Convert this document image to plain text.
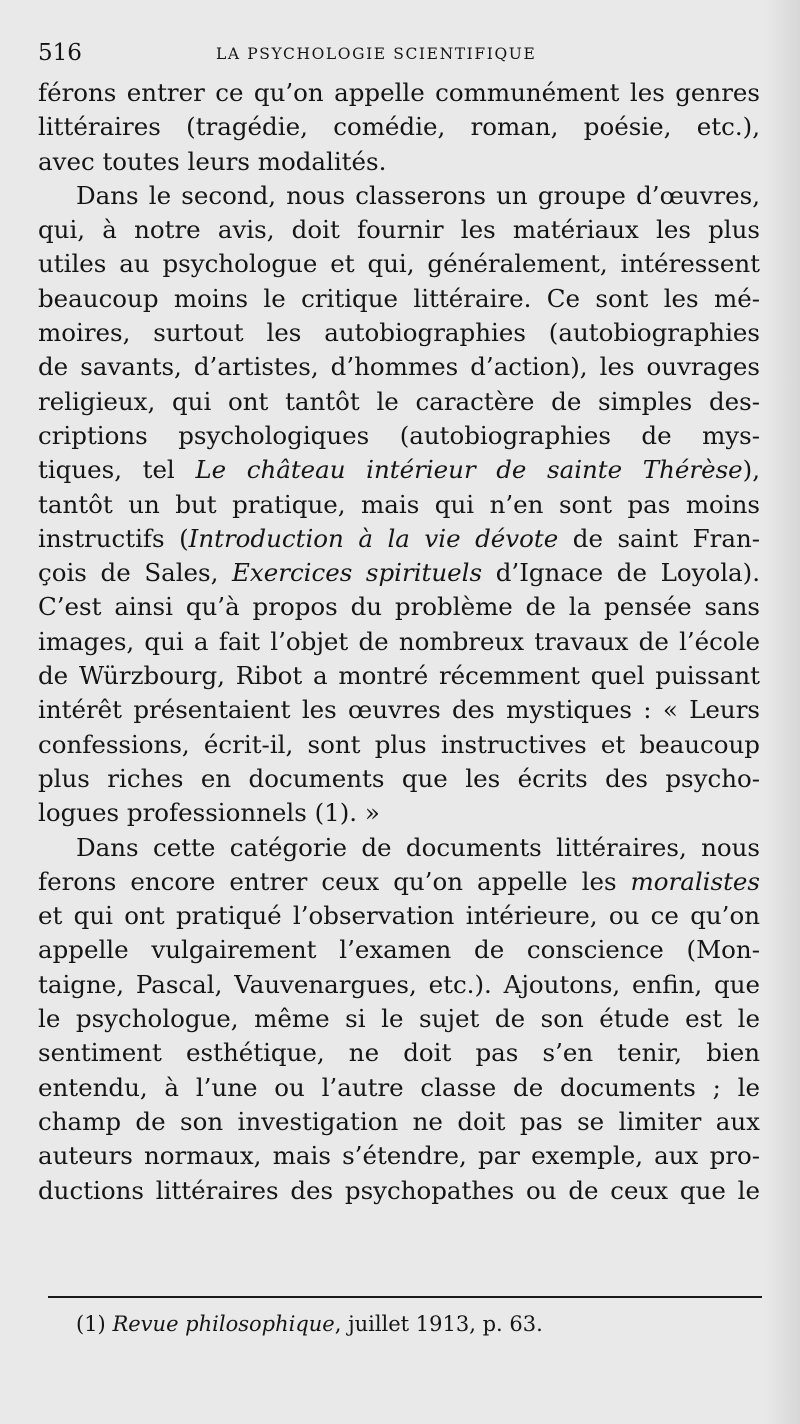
516	LA PSYCHOLOGIE SCIENTIFIQUE
férons entrer ce qu’on appelle communément les genres
littéraires (tragédie, comédie, roman, poésie, etc.),
avec toutes leurs modalités.
Dans le second, nous classerons un groupe d’œuvres,
qui, à notre avis, doit fournir les matériaux les plus
utiles au psychologue et qui, généralement, intéressent
beaucoup moins le critique littéraire. Ce sont les mé-
moires, surtout les autobiographies (autobiographies
de savants, d’artistes, d’hommes d’action), les ouvrages
religieux, qui ont tantôt le caractère de simples des-
criptions psychologiques (autobiographies de mys-
tiques, tel Le château intérieur de sainte Thérèse),
tantôt un but pratique, mais qui n’en sont pas moins
instructifs (Introduction à la vie dévote de saint Fran-
çois de Sales, Exercices spirituels d’Ignace de Loyola).
C’est ainsi qu’à propos du problème de la pensée sans
images, qui a fait l’objet de nombreux travaux de l’école
de Würzbourg, Ribot a montré récemment quel puissant
intérêt présentaient les œuvres des mystiques : « Leurs
confessions, écrit-il, sont plus instructives et beaucoup
plus riches en documents que les écrits des psycho-
logues professionnels (1). »
Dans cette catégorie de documents littéraires, nous
ferons encore entrer ceux qu’on appelle les moralistes
et qui ont pratiqué l’observation intérieure, ou ce qu’on
appelle vulgairement l’examen de conscience (Mon-
taigne, Pascal, Vauvenargues, etc.). Ajoutons, enfin, que
le psychologue, même si le sujet de son étude est le
sentiment esthétique, ne doit pas s’en tenir, bien
entendu, à l’une ou l’autre classe de documents ; le
champ de son investigation ne doit pas se limiter aux
auteurs normaux, mais s’étendre, par exemple, aux pro-
ductions littéraires des psychopathes ou de ceux que le
(1) Revue philosophique, juillet 1913, p. 63.
